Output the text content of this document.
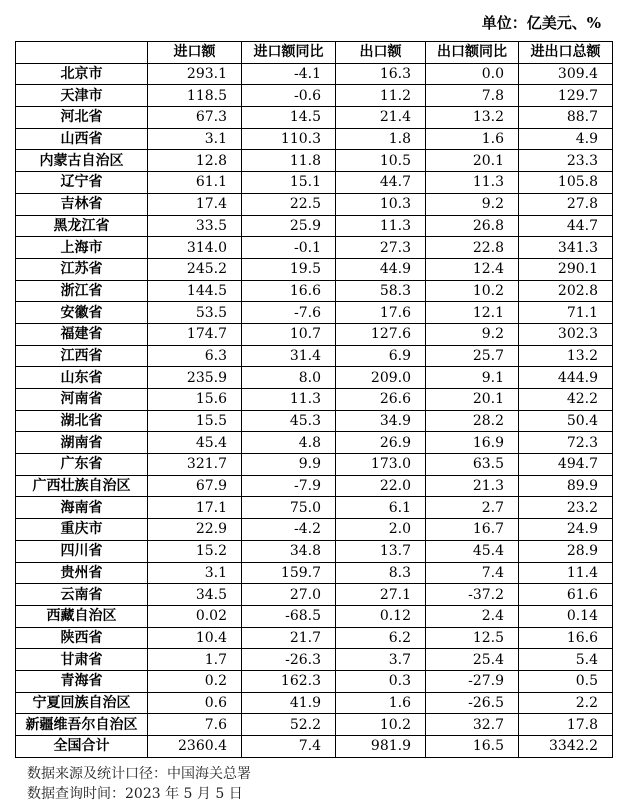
单位：亿美元、%
	进口额	进口额同比	出口额	出口额同比	进出口总额
北京市	293.1	-4.1	16.3	0.0	309.4
天津市	118.5	-0.6	11.2	7.8	129.7
河北省	67.3	14.5	21.4	13.2	88.7
山西省	3.1	110.3	1.8	1.6	4.9
内蒙古自治区	12.8	11.8	10.5	20.1	23.3
辽宁省	61.1	15.1	44.7	11.3	105.8
吉林省	17.4	22.5	10.3	9.2	27.8
黑龙江省	33.5	25.9	11.3	26.8	44.7
上海市	314.0	-0.1	27.3	22.8	341.3
江苏省	245.2	19.5	44.9	12.4	290.1
浙江省	144.5	16.6	58.3	10.2	202.8
安徽省	53.5	-7.6	17.6	12.1	71.1
福建省	174.7	10.7	127.6	9.2	302.3
江西省	6.3	31.4	6.9	25.7	13.2
山东省	235.9	8.0	209.0	9.1	444.9
河南省	15.6	11.3	26.6	20.1	42.2
湖北省	15.5	45.3	34.9	28.2	50.4
湖南省	45.4	4.8	26.9	16.9	72.3
广东省	321.7	9.9	173.0	63.5	494.7
广西壮族自治区	67.9	-7.9	22.0	21.3	89.9
海南省	17.1	75.0	6.1	2.7	23.2
重庆市	22.9	-4.2	2.0	16.7	24.9
四川省	15.2	34.8	13.7	45.4	28.9
贵州省	3.1	159.7	8.3	7.4	11.4
云南省	34.5	27.0	27.1	-37.2	61.6
西藏自治区	0.02	-68.5	0.12	2.4	0.14
陕西省	10.4	21.7	6.2	12.5	16.6
甘肃省	1.7	-26.3	3.7	25.4	5.4
青海省	0.2	162.3	0.3	-27.9	0.5
宁夏回族自治区	0.6	41.9	1.6	-26.5	2.2
新疆维吾尔自治区	7.6	52.2	10.2	32.7	17.8
全国合计	2360.4	7.4	981.9	16.5	3342.2
数据来源及统计口径：中国海关总署
数据查询时间：2023 年 5 月 5 日
